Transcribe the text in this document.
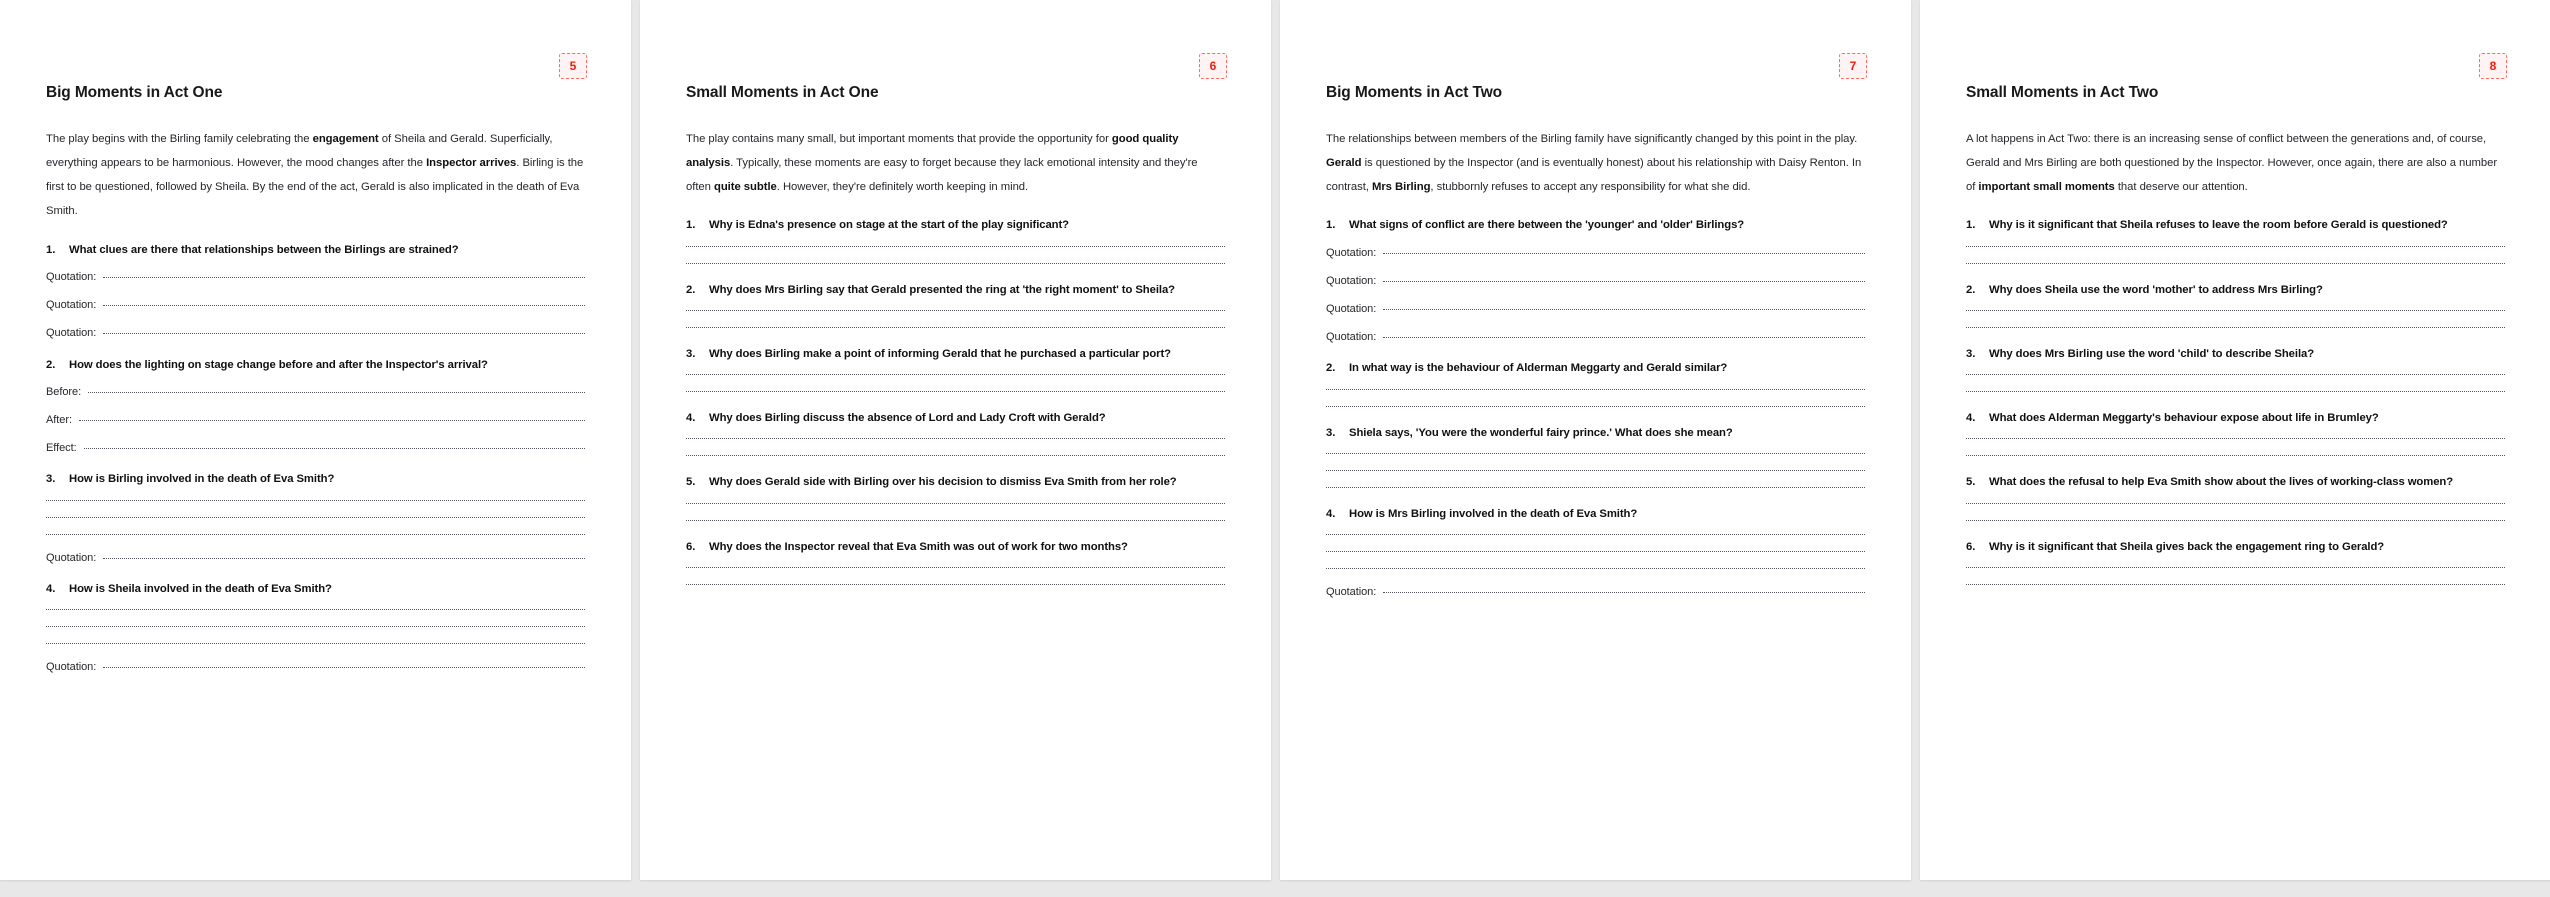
5
Big Moments in Act One
The play begins with the Birling family celebrating the engagement of Sheila and Gerald. Superficially, everything appears to be harmonious. However, the mood changes after the Inspector arrives. Birling is the first to be questioned, followed by Sheila. By the end of the act, Gerald is also implicated in the death of Eva Smith.
1.	What clues are there that relationships between the Birlings are strained?
Quotation:
Quotation:
Quotation:
2.	How does the lighting on stage change before and after the Inspector's arrival?
Before:
After:
Effect:
3.	How is Birling involved in the death of Eva Smith?
Quotation:
4.	How is Sheila involved in the death of Eva Smith?
Quotation:
6
Small Moments in Act One
The play contains many small, but important moments that provide the opportunity for good quality analysis. Typically, these moments are easy to forget because they lack emotional intensity and they're often quite subtle. However, they're definitely worth keeping in mind.
1.	Why is Edna's presence on stage at the start of the play significant?
2.	Why does Mrs Birling say that Gerald presented the ring at 'the right moment' to Sheila?
3.	Why does Birling make a point of informing Gerald that he purchased a particular port?
4.	Why does Birling discuss the absence of Lord and Lady Croft with Gerald?
5.	Why does Gerald side with Birling over his decision to dismiss Eva Smith from her role?
6.	Why does the Inspector reveal that Eva Smith was out of work for two months?
7
Big Moments in Act Two
The relationships between members of the Birling family have significantly changed by this point in the play. Gerald is questioned by the Inspector (and is eventually honest) about his relationship with Daisy Renton. In contrast, Mrs Birling, stubbornly refuses to accept any responsibility for what she did.
1.	What signs of conflict are there between the 'younger' and 'older' Birlings?
Quotation:
Quotation:
Quotation:
Quotation:
2.	In what way is the behaviour of Alderman Meggarty and Gerald similar?
3.	Shiela says, 'You were the wonderful fairy prince.' What does she mean?
4.	How is Mrs Birling involved in the death of Eva Smith?
Quotation:
8
Small Moments in Act Two
A lot happens in Act Two: there is an increasing sense of conflict between the generations and, of course, Gerald and Mrs Birling are both questioned by the Inspector. However, once again, there are also a number of important small moments that deserve our attention.
1.	Why is it significant that Sheila refuses to leave the room before Gerald is questioned?
2.	Why does Sheila use the word 'mother' to address Mrs Birling?
3.	Why does Mrs Birling use the word 'child' to describe Sheila?
4.	What does Alderman Meggarty's behaviour expose about life in Brumley?
5.	What does the refusal to help Eva Smith show about the lives of working-class women?
6.	Why is it significant that Sheila gives back the engagement ring to Gerald?
